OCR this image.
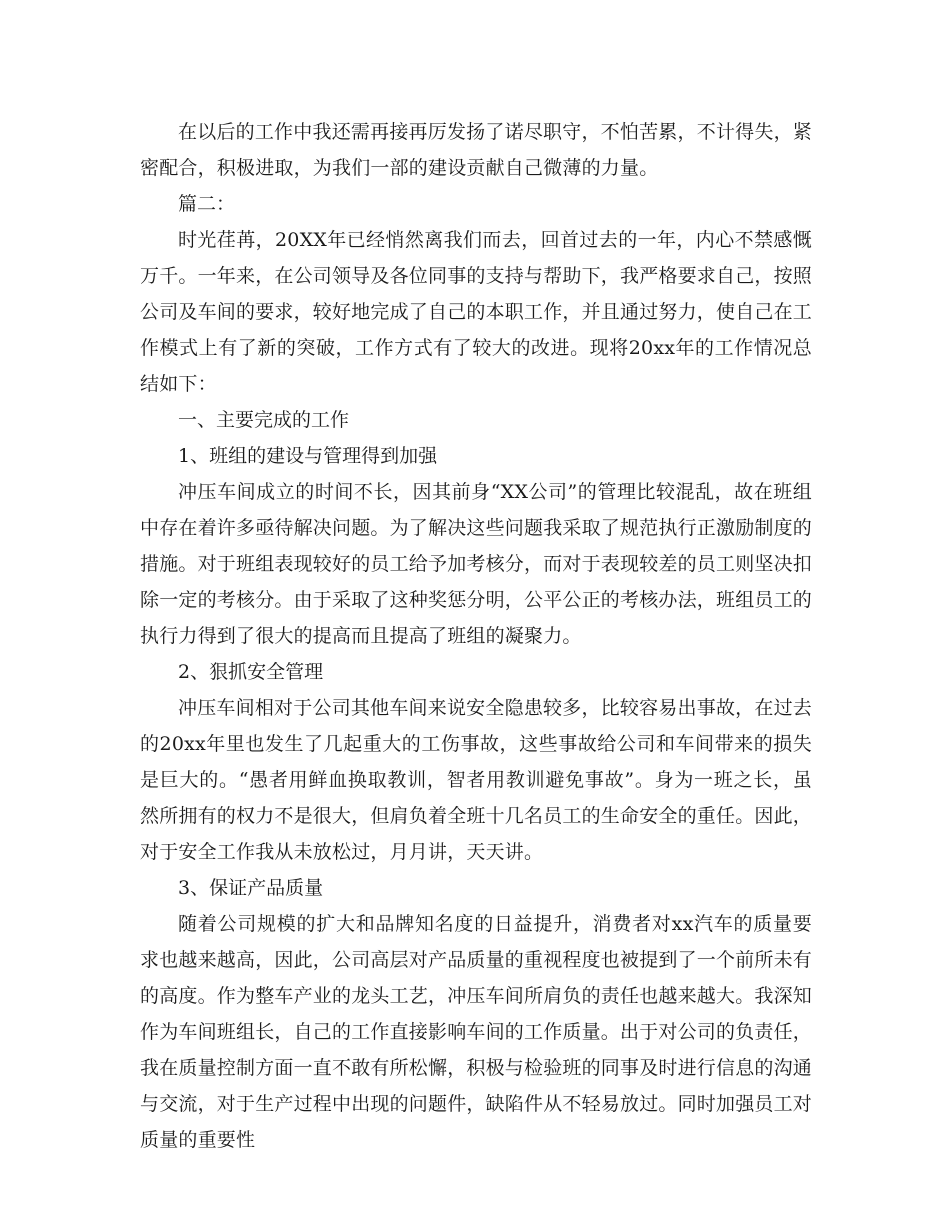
在以后的工作中我还需再接再厉发扬了诺尽职守，不怕苦累，不计得失，紧密配合，积极进取，为我们一部的建设贡献自己微薄的力量。

篇二：

时光荏苒，20XX年已经悄然离我们而去，回首过去的一年，内心不禁感慨万千。一年来，在公司领导及各位同事的支持与帮助下，我严格要求自己，按照公司及车间的要求，较好地完成了自己的本职工作，并且通过努力，使自己在工作模式上有了新的突破，工作方式有了较大的改进。现将20xx年的工作情况总结如下：

一、主要完成的工作

1、班组的建设与管理得到加强

冲压车间成立的时间不长，因其前身“XX公司”的管理比较混乱，故在班组中存在着许多亟待解决问题。为了解决这些问题我采取了规范执行正激励制度的措施。对于班组表现较好的员工给予加考核分，而对于表现较差的员工则坚决扣除一定的考核分。由于采取了这种奖惩分明，公平公正的考核办法，班组员工的执行力得到了很大的提高而且提高了班组的凝聚力。

2、狠抓安全管理

冲压车间相对于公司其他车间来说安全隐患较多，比较容易出事故，在过去的20xx年里也发生了几起重大的工伤事故，这些事故给公司和车间带来的损失是巨大的。“愚者用鲜血换取教训，智者用教训避免事故”。身为一班之长，虽然所拥有的权力不是很大，但肩负着全班十几名员工的生命安全的重任。因此，对于安全工作我从未放松过，月月讲，天天讲。

3、保证产品质量

随着公司规模的扩大和品牌知名度的日益提升，消费者对xx汽车的质量要求也越来越高，因此，公司高层对产品质量的重视程度也被提到了一个前所未有的高度。作为整车产业的龙头工艺，冲压车间所肩负的责任也越来越大。我深知作为车间班组长，自己的工作直接影响车间的工作质量。出于对公司的负责任，我在质量控制方面一直不敢有所松懈，积极与检验班的同事及时进行信息的沟通与交流，对于生产过程中出现的问题件，缺陷件从不轻易放过。同时加强员工对质量的重要性
